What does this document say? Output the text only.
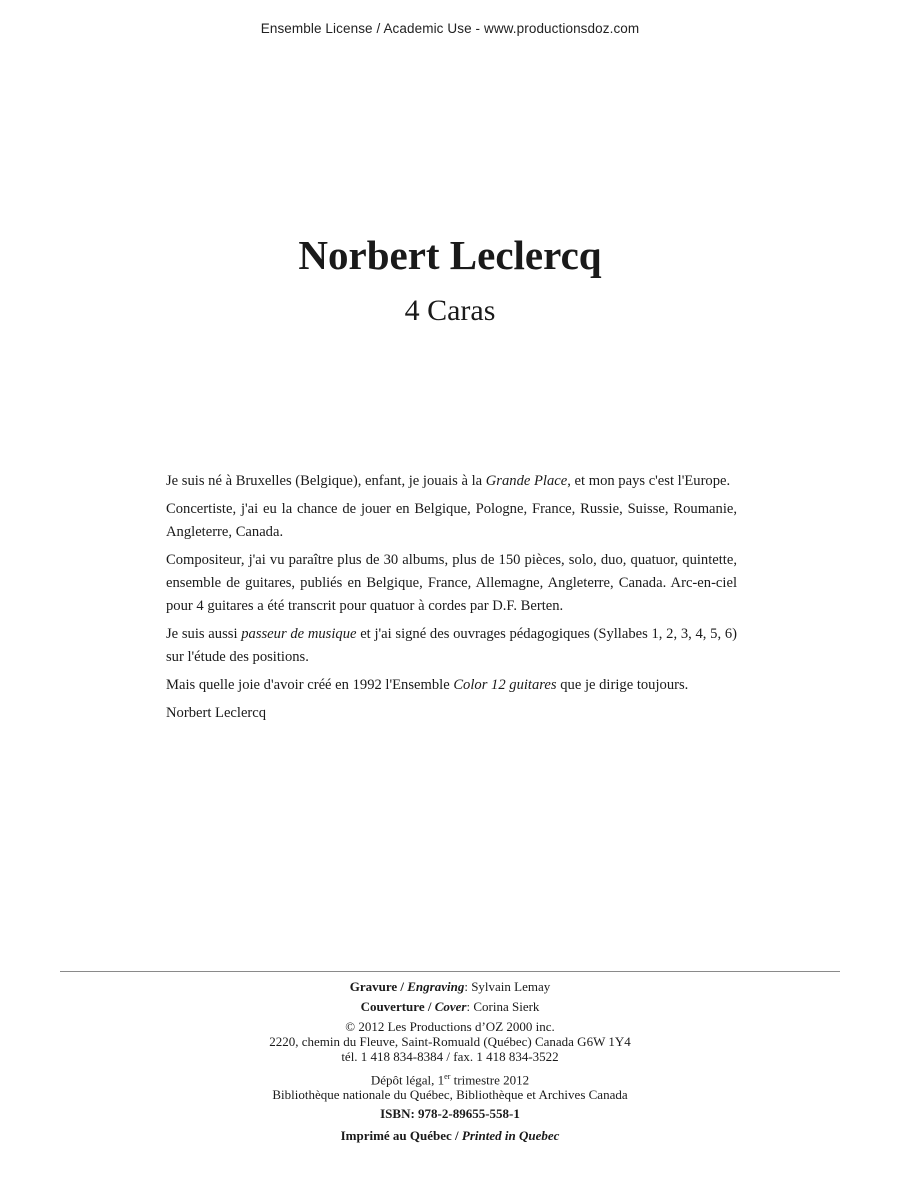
Ensemble License / Academic Use - www.productionsdoz.com
Norbert Leclercq
4 Caras

Je suis né à Bruxelles (Belgique), enfant, je jouais à la Grande Place, et mon pays c'est l'Europe.

Concertiste, j'ai eu la chance de jouer en Belgique, Pologne, France, Russie, Suisse, Roumanie, Angleterre, Canada.

Compositeur, j'ai vu paraître plus de 30 albums, plus de 150 pièces, solo, duo, quatuor, quintette, ensemble de guitares, publiés en Belgique, France, Allemagne, Angleterre, Canada. Arc-en-ciel pour 4 guitares a été transcrit pour quatuor à cordes par D.F. Berten.

Je suis aussi passeur de musique et j'ai signé des ouvrages pédagogiques (Syllabes 1, 2, 3, 4, 5, 6) sur l'étude des positions.

Mais quelle joie d'avoir créé en 1992 l'Ensemble Color 12 guitares que je dirige toujours.

Norbert Leclercq

Gravure / Engraving: Sylvain Lemay
Couverture / Cover: Corina Sierk
© 2012 Les Productions d’OZ 2000 inc.
2220, chemin du Fleuve, Saint-Romuald (Québec) Canada G6W 1Y4
tél. 1 418 834-8384 / fax. 1 418 834-3522
Dépôt légal, 1er trimestre 2012
Bibliothèque nationale du Québec, Bibliothèque et Archives Canada
ISBN: 978-2-89655-558-1
Imprimé au Québec / Printed in Quebec
